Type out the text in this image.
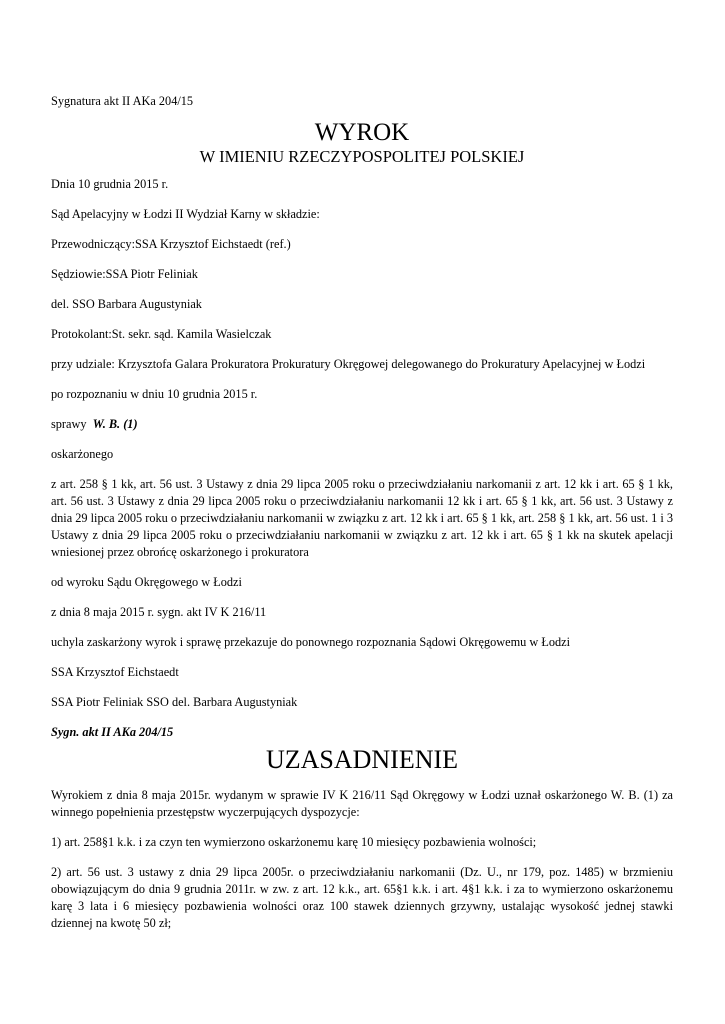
Sygnatura akt II AKa 204/15

WYROK
W IMIENIU RZECZYPOSPOLITEJ POLSKIEJ

Dnia 10 grudnia 2015 r.

Sąd Apelacyjny w Łodzi II Wydział Karny w składzie:

Przewodniczący:SSA Krzysztof Eichstaedt (ref.)

Sędziowie:SSA Piotr Feliniak

del. SSO Barbara Augustyniak

Protokolant:St. sekr. sąd. Kamila Wasielczak

przy udziale: Krzysztofa Galara Prokuratora Prokuratury Okręgowej delegowanego do Prokuratury Apelacyjnej w Łodzi

po rozpoznaniu w dniu 10 grudnia 2015 r.

sprawy W. B. (1)

oskarżonego

z art. 258 § 1 kk, art. 56 ust. 3 Ustawy z dnia 29 lipca 2005 roku o przeciwdziałaniu narkomanii z art. 12 kk i art. 65 § 1 kk, art. 56 ust. 3 Ustawy z dnia 29 lipca 2005 roku o przeciwdziałaniu narkomanii 12 kk i art. 65 § 1 kk, art. 56 ust. 3 Ustawy z dnia 29 lipca 2005 roku o przeciwdziałaniu narkomanii w związku z art. 12 kk i art. 65 § 1 kk, art. 258 § 1 kk, art. 56 ust. 1 i 3 Ustawy z dnia 29 lipca 2005 roku o przeciwdziałaniu narkomanii w związku z art. 12 kk i art. 65 § 1 kk na skutek apelacji wniesionej przez obrońcę oskarżonego i prokuratora

od wyroku Sądu Okręgowego w Łodzi

z dnia 8 maja 2015 r. sygn. akt IV K 216/11

uchyla zaskarżony wyrok i sprawę przekazuje do ponownego rozpoznania Sądowi Okręgowemu w Łodzi

SSA Krzysztof Eichstaedt

SSA Piotr Feliniak SSO del. Barbara Augustyniak

Sygn. akt II AKa 204/15

UZASADNIENIE

Wyrokiem z dnia 8 maja 2015r. wydanym w sprawie IV K 216/11 Sąd Okręgowy w Łodzi uznał oskarżonego W. B. (1) za winnego popełnienia przestępstw wyczerpujących dyspozycje:

1) art. 258§1 k.k. i za czyn ten wymierzono oskarżonemu karę 10 miesięcy pozbawienia wolności;

2) art. 56 ust. 3 ustawy z dnia 29 lipca 2005r. o przeciwdziałaniu narkomanii (Dz. U., nr 179, poz. 1485) w brzmieniu obowiązującym do dnia 9 grudnia 2011r. w zw. z art. 12 k.k., art. 65§1 k.k. i art. 4§1 k.k. i za to wymierzono oskarżonemu karę 3 lata i 6 miesięcy pozbawienia wolności oraz 100 stawek dziennych grzywny, ustalając wysokość jednej stawki dziennej na kwotę 50 zł;
